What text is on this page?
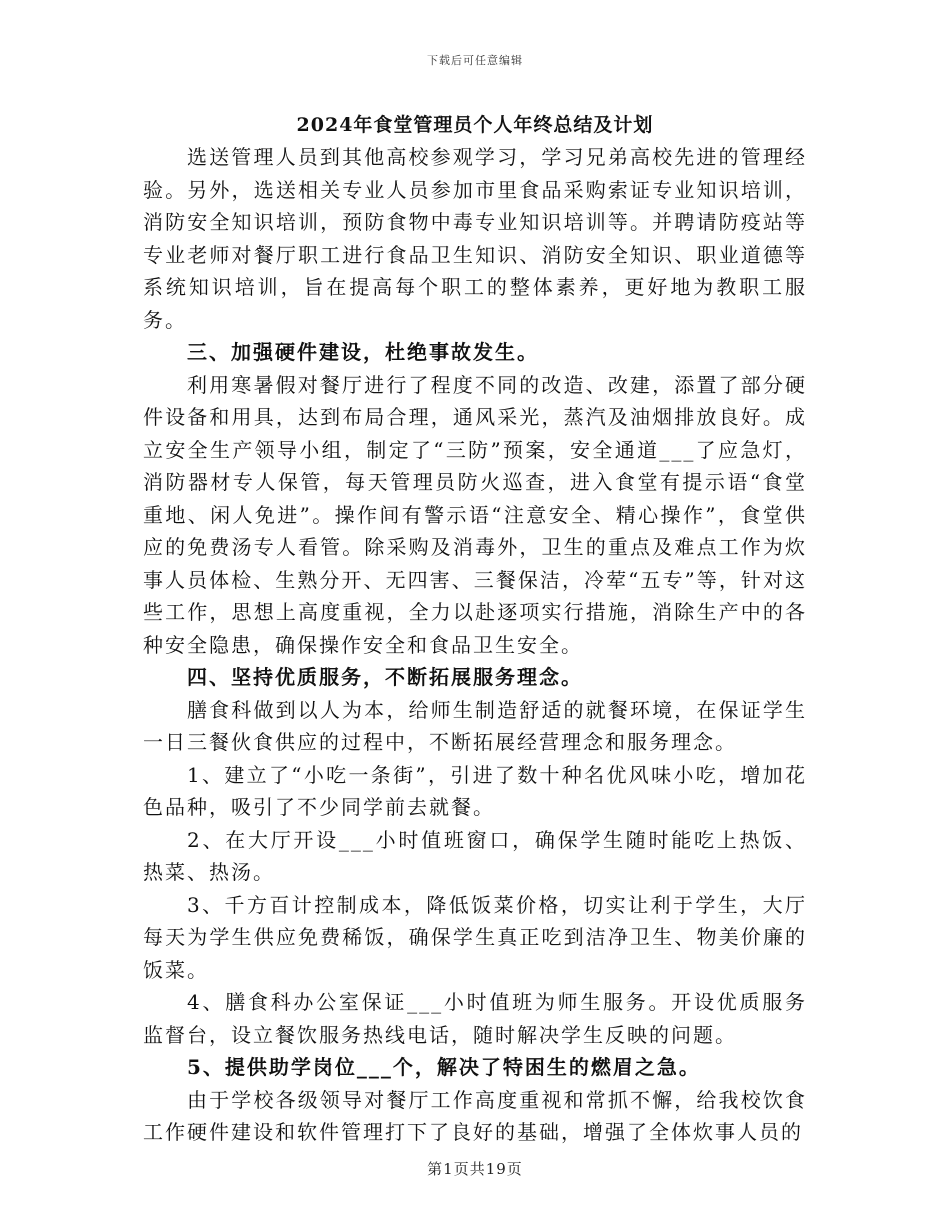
下载后可任意编辑
2024年食堂管理员个人年终总结及计划

选送管理人员到其他高校参观学习，学习兄弟高校先进的管理经验。另外，选送相关专业人员参加市里食品采购索证专业知识培训，消防安全知识培训，预防食物中毒专业知识培训等。并聘请防疫站等专业老师对餐厅职工进行食品卫生知识、消防安全知识、职业道德等系统知识培训，旨在提高每个职工的整体素养，更好地为教职工服务。

三、加强硬件建设，杜绝事故发生。

利用寒暑假对餐厅进行了程度不同的改造、改建，添置了部分硬件设备和用具，达到布局合理，通风采光，蒸汽及油烟排放良好。成立安全生产领导小组，制定了“三防”预案，安全通道___了应急灯，消防器材专人保管，每天管理员防火巡查，进入食堂有提示语“食堂重地、闲人免进”。操作间有警示语“注意安全、精心操作”，食堂供应的免费汤专人看管。除采购及消毒外，卫生的重点及难点工作为炊事人员体检、生熟分开、无四害、三餐保洁，冷荤“五专”等，针对这些工作，思想上高度重视，全力以赴逐项实行措施，消除生产中的各种安全隐患，确保操作安全和食品卫生安全。

四、坚持优质服务，不断拓展服务理念。

膳食科做到以人为本，给师生制造舒适的就餐环境，在保证学生一日三餐伙食供应的过程中，不断拓展经营理念和服务理念。

1、建立了“小吃一条街”，引进了数十种名优风味小吃，增加花色品种，吸引了不少同学前去就餐。

2、在大厅开设___小时值班窗口，确保学生随时能吃上热饭、热菜、热汤。

3、千方百计控制成本，降低饭菜价格，切实让利于学生，大厅每天为学生供应免费稀饭，确保学生真正吃到洁净卫生、物美价廉的饭菜。

4、膳食科办公室保证___小时值班为师生服务。开设优质服务监督台，设立餐饮服务热线电话，随时解决学生反映的问题。

5、提供助学岗位___个，解决了特困生的燃眉之急。

由于学校各级领导对餐厅工作高度重视和常抓不懈，给我校饮食工作硬件建设和软件管理打下了良好的基础，增强了全体炊事人员的

第1页共19页
